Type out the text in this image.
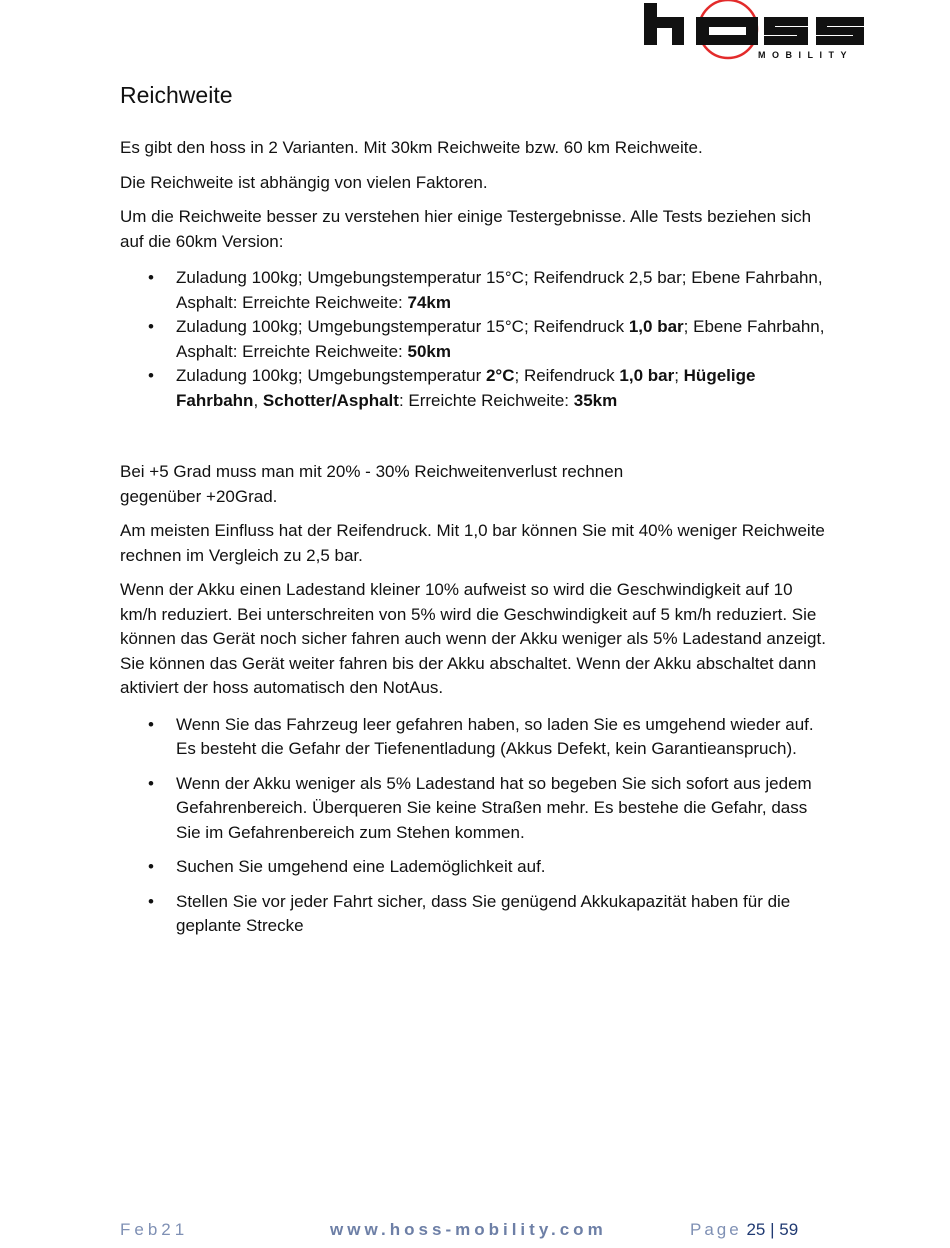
MOBILITY
Reichweite

Es gibt den hoss in 2 Varianten. Mit 30km Reichweite bzw. 60 km Reichweite.

Die Reichweite ist abhängig von vielen Faktoren.

Um die Reichweite besser zu verstehen hier einige Testergebnisse. Alle Tests beziehen sich auf die 60km Version:

• Zuladung 100kg; Umgebungstemperatur 15°C; Reifendruck 2,5 bar; Ebene Fahrbahn, Asphalt: Erreichte Reichweite: 74km
• Zuladung 100kg; Umgebungstemperatur 15°C; Reifendruck 1,0 bar; Ebene Fahrbahn, Asphalt: Erreichte Reichweite: 50km
• Zuladung 100kg; Umgebungstemperatur 2°C; Reifendruck 1,0 bar; Hügelige Fahrbahn, Schotter/Asphalt: Erreichte Reichweite: 35km

Bei +5 Grad muss man mit 20% - 30% Reichweitenverlust rechnen gegenüber +20Grad.

Am meisten Einfluss hat der Reifendruck. Mit 1,0 bar können Sie mit 40% weniger Reichweite rechnen im Vergleich zu 2,5 bar.

Wenn der Akku einen Ladestand kleiner 10% aufweist so wird die Geschwindigkeit auf 10 km/h reduziert. Bei unterschreiten von 5% wird die Geschwindigkeit auf 5 km/h reduziert. Sie können das Gerät noch sicher fahren auch wenn der Akku weniger als 5% Ladestand anzeigt. Sie können das Gerät weiter fahren bis der Akku abschaltet. Wenn der Akku abschaltet dann aktiviert der hoss automatisch den NotAus.

• Wenn Sie das Fahrzeug leer gefahren haben, so laden Sie es umgehend wieder auf. Es besteht die Gefahr der Tiefenentladung (Akkus Defekt, kein Garantieanspruch).
• Wenn der Akku weniger als 5% Ladestand hat so begeben Sie sich sofort aus jedem Gefahrenbereich. Überqueren Sie keine Straßen mehr. Es bestehe die Gefahr, dass Sie im Gefahrenbereich zum Stehen kommen.
• Suchen Sie umgehend eine Lademöglichkeit auf.
• Stellen Sie vor jeder Fahrt sicher, dass Sie genügend Akkukapazität haben für die geplante Strecke
Feb21	www.hoss-mobility.com	Page 25 | 59
